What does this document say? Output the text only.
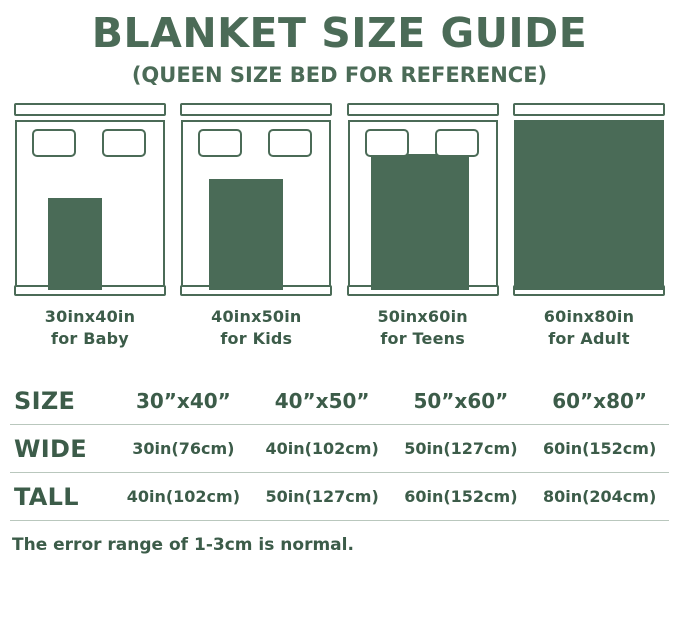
BLANKET SIZE GUIDE
(QUEEN SIZE BED FOR REFERENCE)
30inx40in
for Baby
40inx50in
for Kids
50inx60in
for Teens
60inx80in
for Adult
SIZE	30”x40”	40”x50”	50”x60”	60”x80”
WIDE	30in(76cm)	40in(102cm)	50in(127cm)	60in(152cm)
TALL	40in(102cm)	50in(127cm)	60in(152cm)	80in(204cm)
The error range of 1-3cm is normal.
